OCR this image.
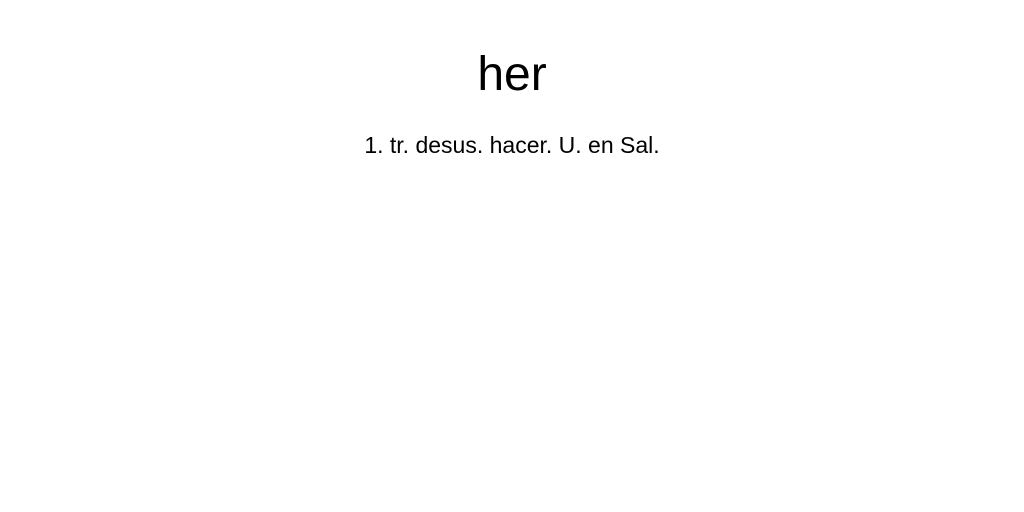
her

1. tr. desus. hacer. U. en Sal.
